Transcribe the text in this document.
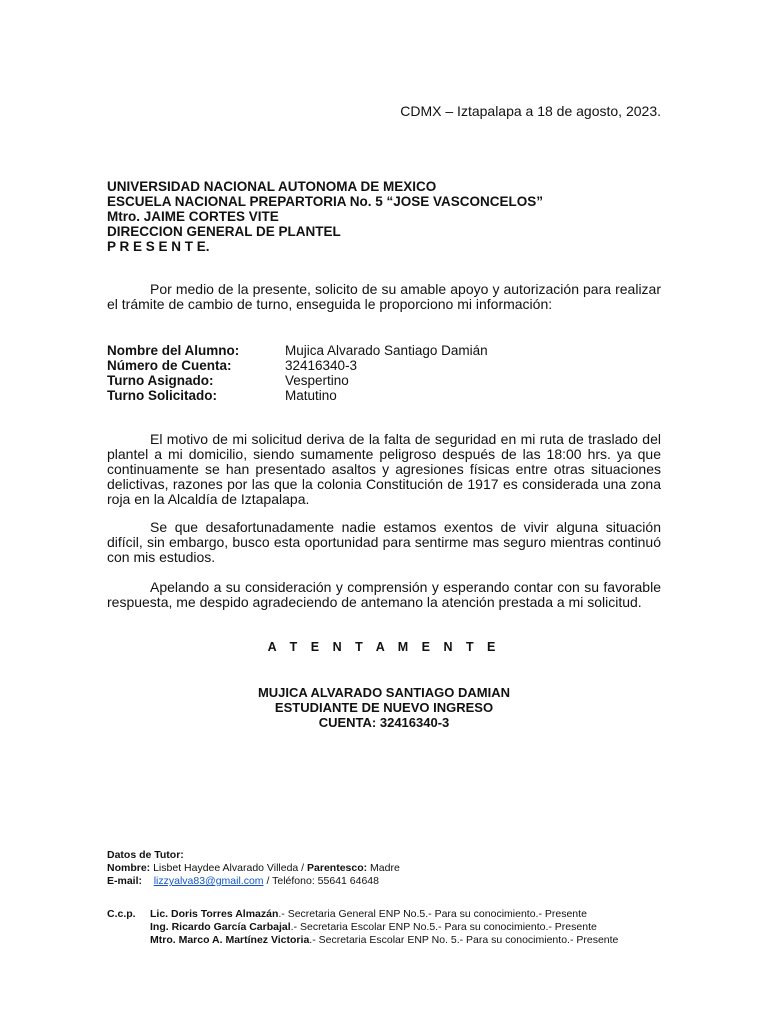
CDMX – Iztapalapa a 18 de agosto, 2023.
UNIVERSIDAD NACIONAL AUTONOMA DE MEXICO
ESCUELA NACIONAL PREPARTORIA No. 5 “JOSE VASCONCELOS”
Mtro. JAIME CORTES VITE
DIRECCION GENERAL DE PLANTEL
P R E S E N T E.
Por medio de la presente, solicito de su amable apoyo y autorización para realizar el trámite de cambio de turno, enseguida le proporciono mi información:
Nombre del Alumno:	Mujica Alvarado Santiago Damián
Número de Cuenta:	32416340-3
Turno Asignado:	Vespertino
Turno Solicitado:	Matutino
El motivo de mi solicitud deriva de la falta de seguridad en mi ruta de traslado del plantel a mi domicilio, siendo sumamente peligroso después de las 18:00 hrs. ya que continuamente se han presentado asaltos y agresiones físicas entre otras situaciones delictivas, razones por las que la colonia Constitución de 1917 es considerada una zona roja en la Alcaldía de Iztapalapa.
Se que desafortunadamente nadie estamos exentos de vivir alguna situación difícil, sin embargo, busco esta oportunidad para sentirme mas seguro mientras continuó con mis estudios.
Apelando a su consideración y comprensión y esperando contar con su favorable respuesta, me despido agradeciendo de antemano la atención prestada a mi solicitud.
A T E N T A M E N T E
MUJICA ALVARADO SANTIAGO DAMIAN
ESTUDIANTE DE NUEVO INGRESO
CUENTA: 32416340-3
Datos de Tutor:
Nombre: Lisbet Haydee Alvarado Villeda / Parentesco: Madre
E-mail: lizzyalva83@gmail.com / Teléfono: 55641 64648
C.c.p. Lic. Doris Torres Almazán.- Secretaria General ENP No.5.- Para su conocimiento.- Presente
Ing. Ricardo García Carbajal.- Secretaria Escolar ENP No.5.- Para su conocimiento.- Presente
Mtro. Marco A. Martínez Victoria.- Secretaria Escolar ENP No. 5.- Para su conocimiento.- Presente
